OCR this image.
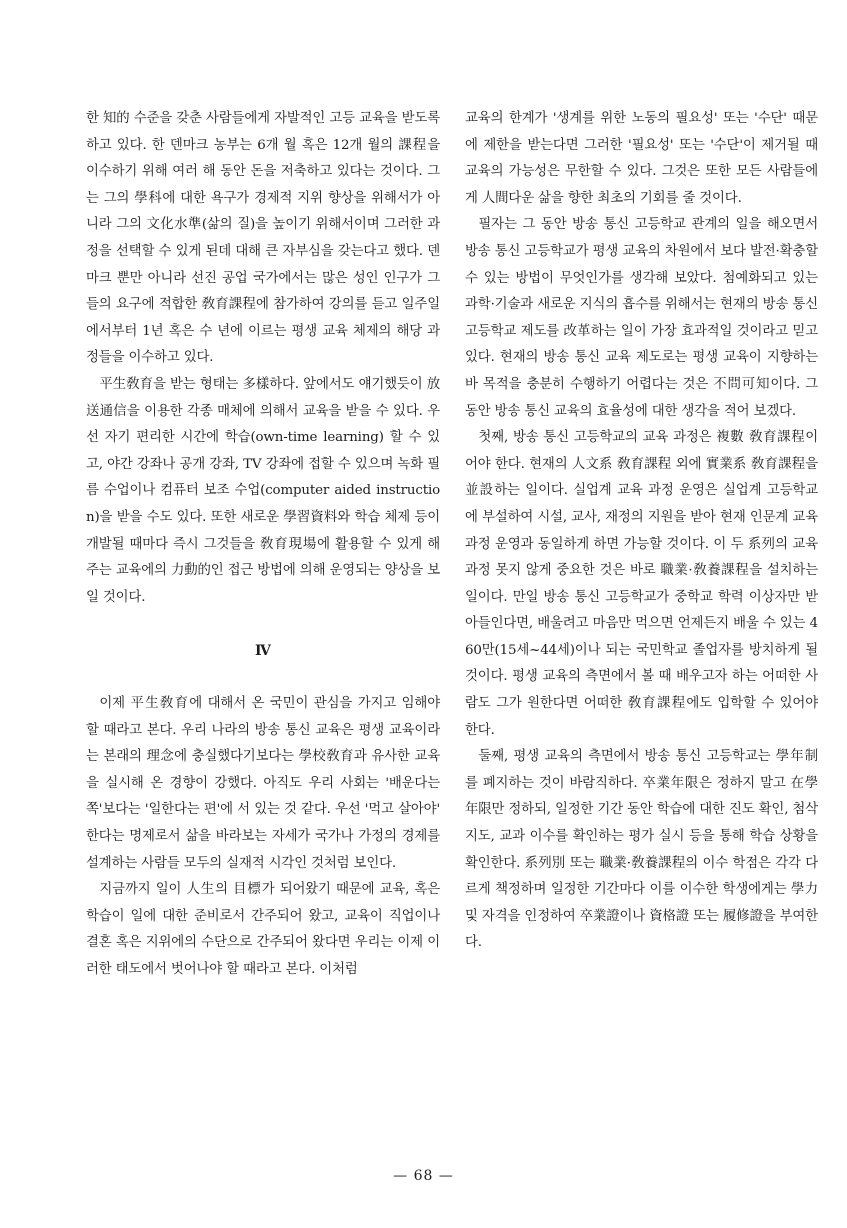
한 知的 수준을 갖춘 사람들에게 자발적인 고등 교육을 받도록 하고 있다. 한 덴마크 농부는 6개 월 혹은 12개 월의 課程을 이수하기 위해 여러 해 동안 돈을 저축하고 있다는 것이다. 그는 그의 學科에 대한 욕구가 경제적 지위 향상을 위해서가 아니라 그의 文化水準(삶의 질)을 높이기 위해서이며 그러한 과정을 선택할 수 있게 된데 대해 큰 자부심을 갖는다고 했다. 덴마크 뿐만 아니라 선진 공업 국가에서는 많은 성인 인구가 그들의 요구에 적합한 敎育課程에 참가하여 강의를 듣고 일주일에서부터 1년 혹은 수 년에 이르는 평생 교육 체제의 해당 과정들을 이수하고 있다.

平生敎育을 받는 형태는 多樣하다. 앞에서도 얘기했듯이 放送通信을 이용한 각종 매체에 의해서 교육을 받을 수 있다. 우선 자기 편리한 시간에 학습(own-time learning) 할 수 있고, 야간 강좌나 공개 강좌, TV 강좌에 접할 수 있으며 녹화 필름 수업이나 컴퓨터 보조 수업(computer aided instruction)을 받을 수도 있다. 또한 새로운 學習資料와 학습 체제 등이 개발될 때마다 즉시 그것들을 敎育現場에 활용할 수 있게 해주는 교육에의 力動的인 접근 방법에 의해 운영되는 양상을 보일 것이다.

Ⅳ

이제 平生敎育에 대해서 온 국민이 관심을 가지고 임해야 할 때라고 본다. 우리 나라의 방송 통신 교육은 평생 교육이라는 본래의 理念에 충실했다기보다는 學校敎育과 유사한 교육을 실시해 온 경향이 강했다. 아직도 우리 사회는 '배운다는 쪽'보다는 '일한다는 편'에 서 있는 것 같다. 우선 '먹고 살아야' 한다는 명제로서 삶을 바라보는 자세가 국가나 가정의 경제를 설계하는 사람들 모두의 실재적 시각인 것처럼 보인다.

지금까지 일이 人生의 目標가 되어왔기 때문에 교육, 혹은 학습이 일에 대한 준비로서 간주되어 왔고, 교육이 직업이나 결혼 혹은 지위에의 수단으로 간주되어 왔다면 우리는 이제 이러한 태도에서 벗어나야 할 때라고 본다. 이처럼

교육의 한계가 '생계를 위한 노동의 필요성' 또는 '수단' 때문에 제한을 받는다면 그러한 '필요성' 또는 '수단'이 제거될 때 교육의 가능성은 무한할 수 있다. 그것은 또한 모든 사람들에게 人間다운 삶을 향한 최초의 기회를 줄 것이다.

필자는 그 동안 방송 통신 고등학교 관계의 일을 해오면서 방송 통신 고등학교가 평생 교육의 차원에서 보다 발전·확충할 수 있는 방법이 무엇인가를 생각해 보았다. 첨예화되고 있는 과학·기술과 새로운 지식의 흡수를 위해서는 현재의 방송 통신 고등학교 제도를 改革하는 일이 가장 효과적일 것이라고 믿고 있다. 현재의 방송 통신 교육 제도로는 평생 교육이 지향하는 바 목적을 충분히 수행하기 어렵다는 것은 不問可知이다. 그 동안 방송 통신 교육의 효율성에 대한 생각을 적어 보겠다.

첫째, 방송 통신 고등학교의 교육 과정은 複數 敎育課程이어야 한다. 현재의 人文系 敎育課程 외에 實業系 敎育課程을 並設하는 일이다. 실업계 교육 과정 운영은 실업계 고등학교에 부설하여 시설, 교사, 재정의 지원을 받아 현재 인문계 교육 과정 운영과 동일하게 하면 가능할 것이다. 이 두 系列의 교육 과정 못지 않게 중요한 것은 바로 職業·敎養課程을 설치하는 일이다. 만일 방송 통신 고등학교가 중학교 학력 이상자만 받아들인다면, 배울려고 마음만 먹으면 언제든지 배울 수 있는 460만(15세~44세)이나 되는 국민학교 졸업자를 방치하게 될 것이다. 평생 교육의 측면에서 볼 때 배우고자 하는 어떠한 사람도 그가 원한다면 어떠한 敎育課程에도 입학할 수 있어야 한다.

둘째, 평생 교육의 측면에서 방송 통신 고등학교는 學年制를 폐지하는 것이 바람직하다. 卒業年限은 정하지 말고 在學年限만 정하되, 일정한 기간 동안 학습에 대한 진도 확인, 첨삭 지도, 교과 이수를 확인하는 평가 실시 등을 통해 학습 상황을 확인한다. 系列別 또는 職業·敎養課程의 이수 학점은 각각 다르게 책정하며 일정한 기간마다 이를 이수한 학생에게는 學力 및 자격을 인정하여 卒業證이나 資格證 또는 履修證을 부여한다.

— 68 —
